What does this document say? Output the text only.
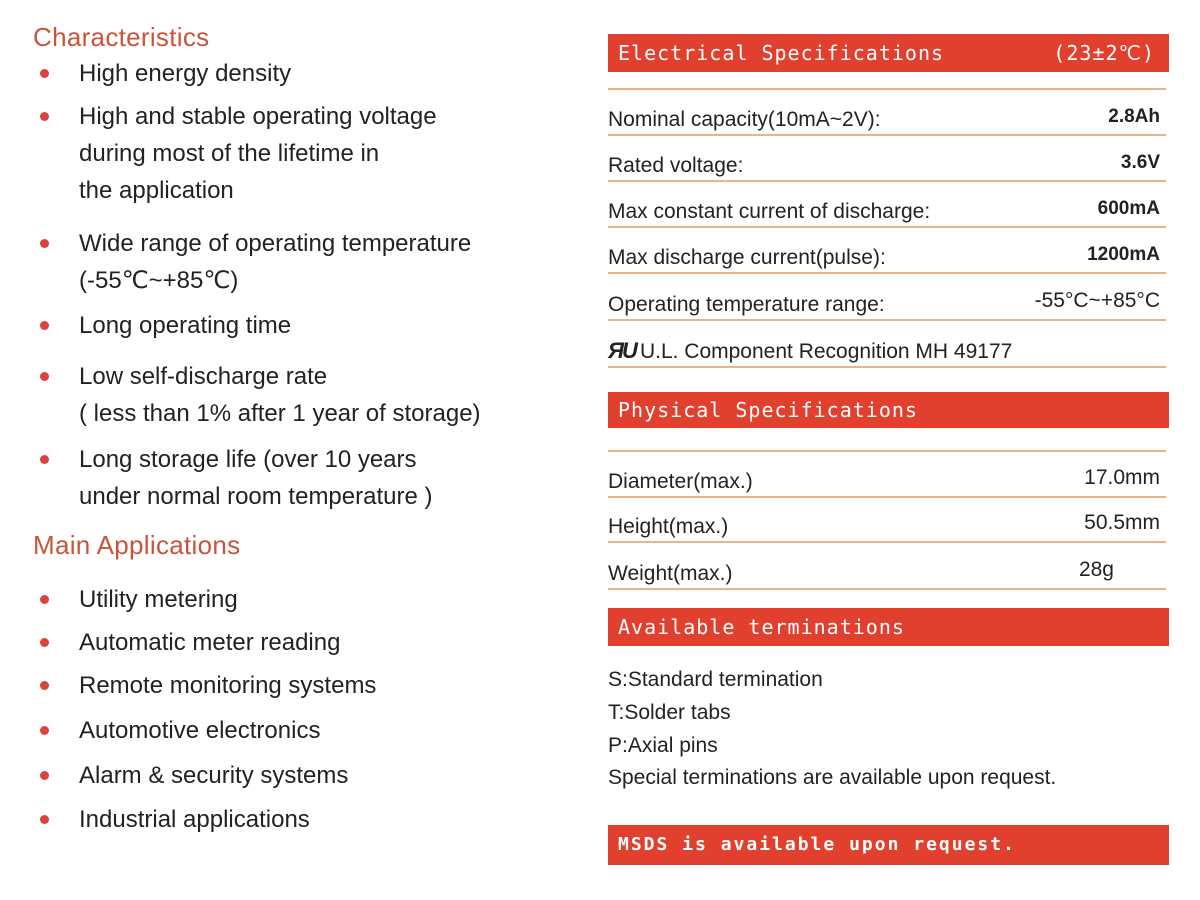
Characteristics
High energy density
High and stable operating voltage
during most of the lifetime in
the application
Wide range of operating temperature
(-55℃~+85℃)
Long operating time
Low self-discharge rate
( less than 1% after 1 year of storage)
Long storage life (over 10 years
under normal room temperature )
Main Applications
Utility metering
Automatic meter reading
Remote monitoring systems
Automotive electronics
Alarm & security systems
Industrial applications
Electrical Specifications	(23±2℃)
Nominal capacity(10mA~2V):	2.8Ah
Rated voltage:	3.6V
Max constant current of discharge:	600mA
Max discharge current(pulse):	1200mA
Operating temperature range:	-55°C~+85°C
ЯU U.L. Component Recognition MH 49177
Physical Specifications
Diameter(max.)	17.0mm
Height(max.)	50.5mm
Weight(max.)	28g
Available terminations
S:Standard termination
T:Solder tabs
P:Axial pins
Special terminations are available upon request.
MSDS is available upon request.
